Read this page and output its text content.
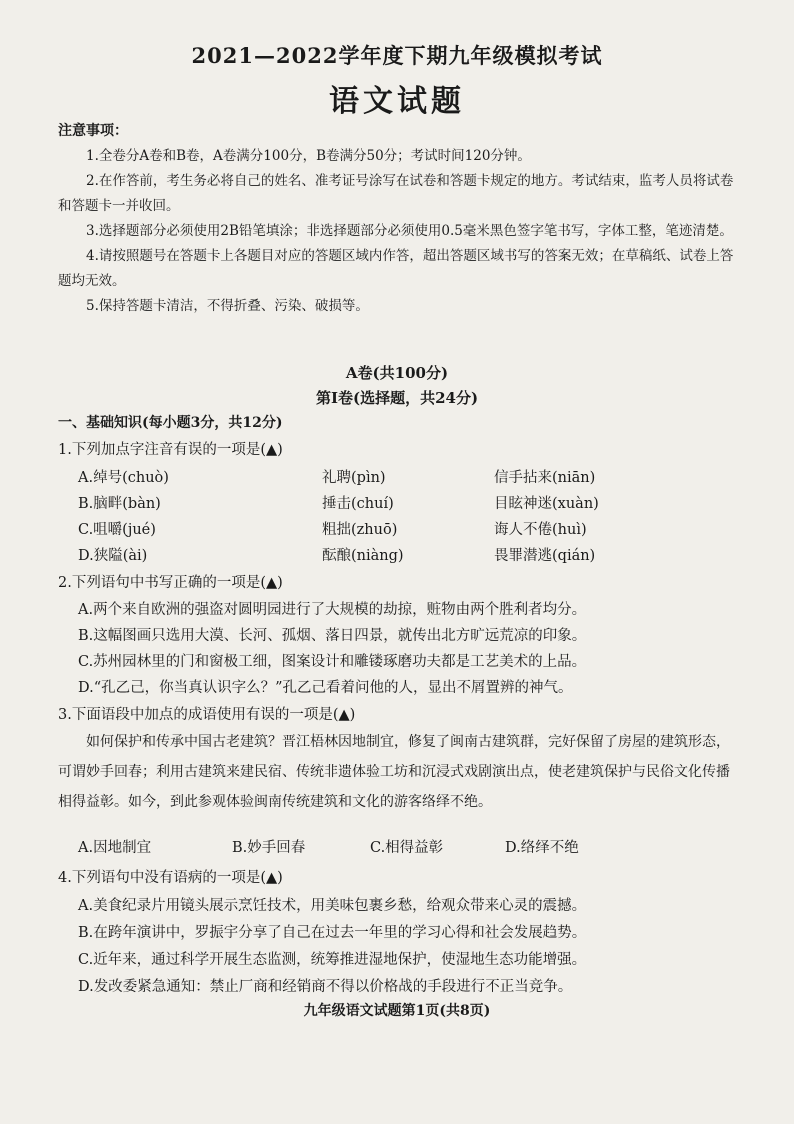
2021—2022学年度下期九年级模拟考试
语文试题
注意事项：

1.全卷分A卷和B卷，A卷满分100分，B卷满分50分；考试时间120分钟。

2.在作答前，考生务必将自己的姓名、准考证号涂写在试卷和答题卡规定的地方。考试结束，监考人员将试卷和答题卡一并收回。

3.选择题部分必须使用2B铅笔填涂；非选择题部分必须使用0.5毫米黑色签字笔书写，字体工整，笔迹清楚。

4.请按照题号在答题卡上各题目对应的答题区域内作答，超出答题区域书写的答案无效；在草稿纸、试卷上答题均无效。

5.保持答题卡清洁，不得折叠、污染、破损等。

A卷(共100分)
第Ⅰ卷(选择题，共24分)
一、基础知识(每小题3分，共12分)
1.下列加点字注音有误的一项是(▲)
A.绰号(chuò)	礼聘(pìn)	信手拈来(niān)
B.脑畔(bàn)	捶击(chuí)	目眩神迷(xuàn)
C.咀嚼(jué)	粗拙(zhuō)	诲人不倦(huì)
D.狭隘(ài)	酝酿(niàng)	畏罪潜逃(qián)
2.下列语句中书写正确的一项是(▲)
A.两个来自欧洲的强盗对圆明园进行了大规模的劫掠，赃物由两个胜利者均分。
B.这幅图画只选用大漠、长河、孤烟、落日四景，就传出北方旷远荒凉的印象。
C.苏州园林里的门和窗极工细，图案设计和雕镂琢磨功夫都是工艺美术的上品。
D.“孔乙己，你当真认识字么？”孔乙己看着问他的人，显出不屑置辨的神气。
3.下面语段中加点的成语使用有误的一项是(▲)
如何保护和传承中国古老建筑？晋江梧林因地制宜，修复了闽南古建筑群，完好保留了房屋的建筑形态，可谓妙手回春；利用古建筑来建民宿、传统非遗体验工坊和沉浸式戏剧演出点，使老建筑保护与民俗文化传播相得益彰。如今，到此参观体验闽南传统建筑和文化的游客络绎不绝。
A.因地制宜	B.妙手回春	C.相得益彰	D.络绎不绝
4.下列语句中没有语病的一项是(▲)
A.美食纪录片用镜头展示烹饪技术，用美味包裹乡愁，给观众带来心灵的震撼。
B.在跨年演讲中，罗振宇分享了自己在过去一年里的学习心得和社会发展趋势。
C.近年来，通过科学开展生态监测，统筹推进湿地保护，使湿地生态功能增强。
D.发改委紧急通知：禁止厂商和经销商不得以价格战的手段进行不正当竞争。
九年级语文试题第1页(共8页)
